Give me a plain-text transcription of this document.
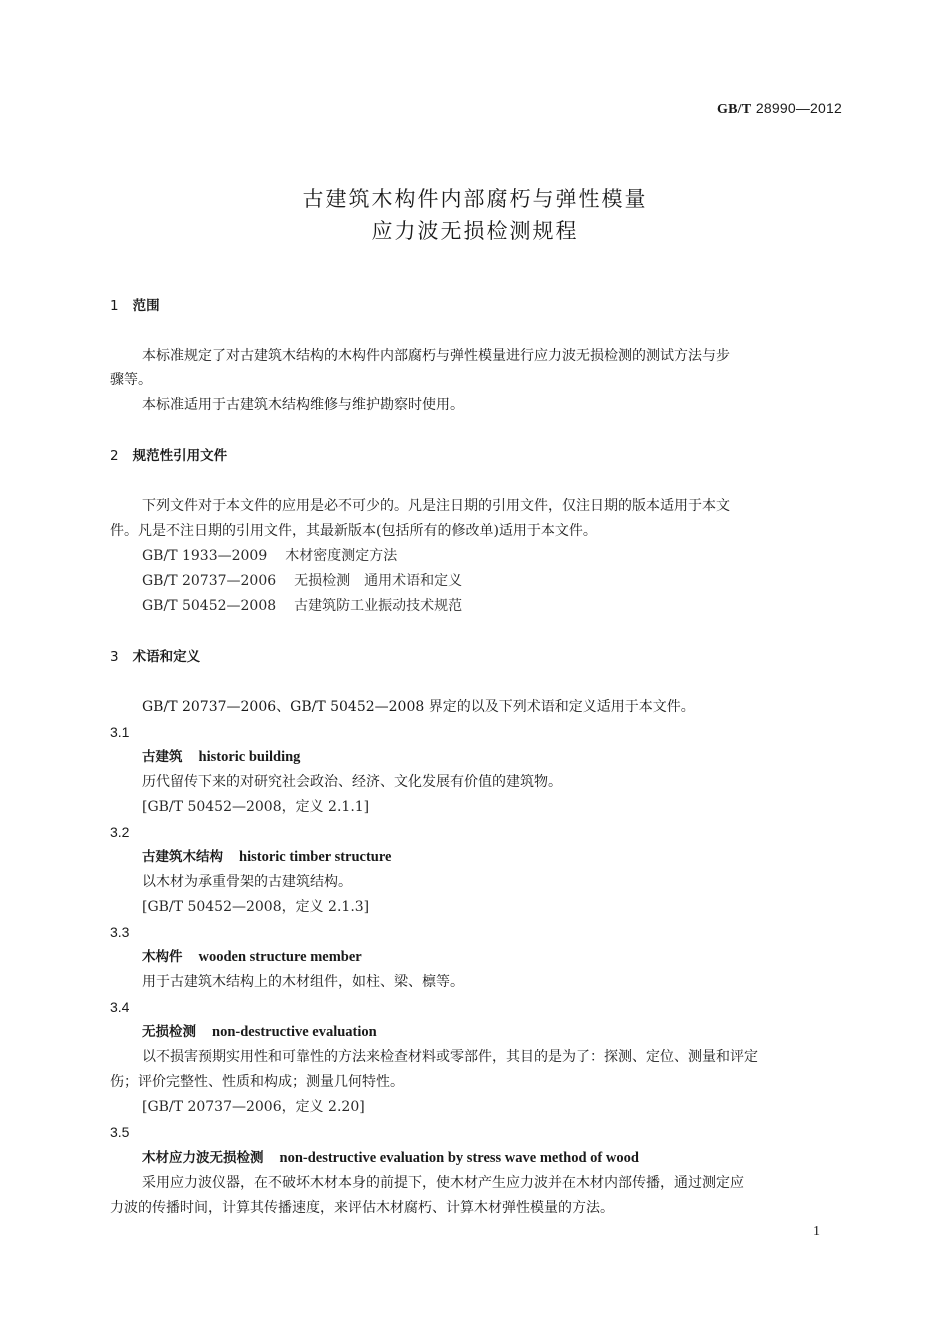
GB/T 28990—2012
古建筑木构件内部腐朽与弹性模量
应力波无损检测规程
1 范围
本标准规定了对古建筑木结构的木构件内部腐朽与弹性模量进行应力波无损检测的测试方法与步
骤等。
本标准适用于古建筑木结构维修与维护勘察时使用。
2 规范性引用文件
下列文件对于本文件的应用是必不可少的。凡是注日期的引用文件，仅注日期的版本适用于本文
件。凡是不注日期的引用文件，其最新版本(包括所有的修改单)适用于本文件。
GB/T 1933—2009 木材密度测定方法
GB/T 20737—2006 无损检测　通用术语和定义
GB/T 50452—2008 古建筑防工业振动技术规范
3 术语和定义
GB/T 20737—2006、GB/T 50452—2008 界定的以及下列术语和定义适用于本文件。
3.1
古建筑 historic building
历代留传下来的对研究社会政治、经济、文化发展有价值的建筑物。
[GB/T 50452—2008，定义 2.1.1]
3.2
古建筑木结构 historic timber structure
以木材为承重骨架的古建筑结构。
[GB/T 50452—2008，定义 2.1.3]
3.3
木构件 wooden structure member
用于古建筑木结构上的木材组件，如柱、梁、檩等。
3.4
无损检测 non-destructive evaluation
以不损害预期实用性和可靠性的方法来检查材料或零部件，其目的是为了：探测、定位、测量和评定
伤；评价完整性、性质和构成；测量几何特性。
[GB/T 20737—2006，定义 2.20]
3.5
木材应力波无损检测 non-destructive evaluation by stress wave method of wood
采用应力波仪器，在不破坏木材本身的前提下，使木材产生应力波并在木材内部传播，通过测定应
力波的传播时间，计算其传播速度，来评估木材腐朽、计算木材弹性模量的方法。
1
